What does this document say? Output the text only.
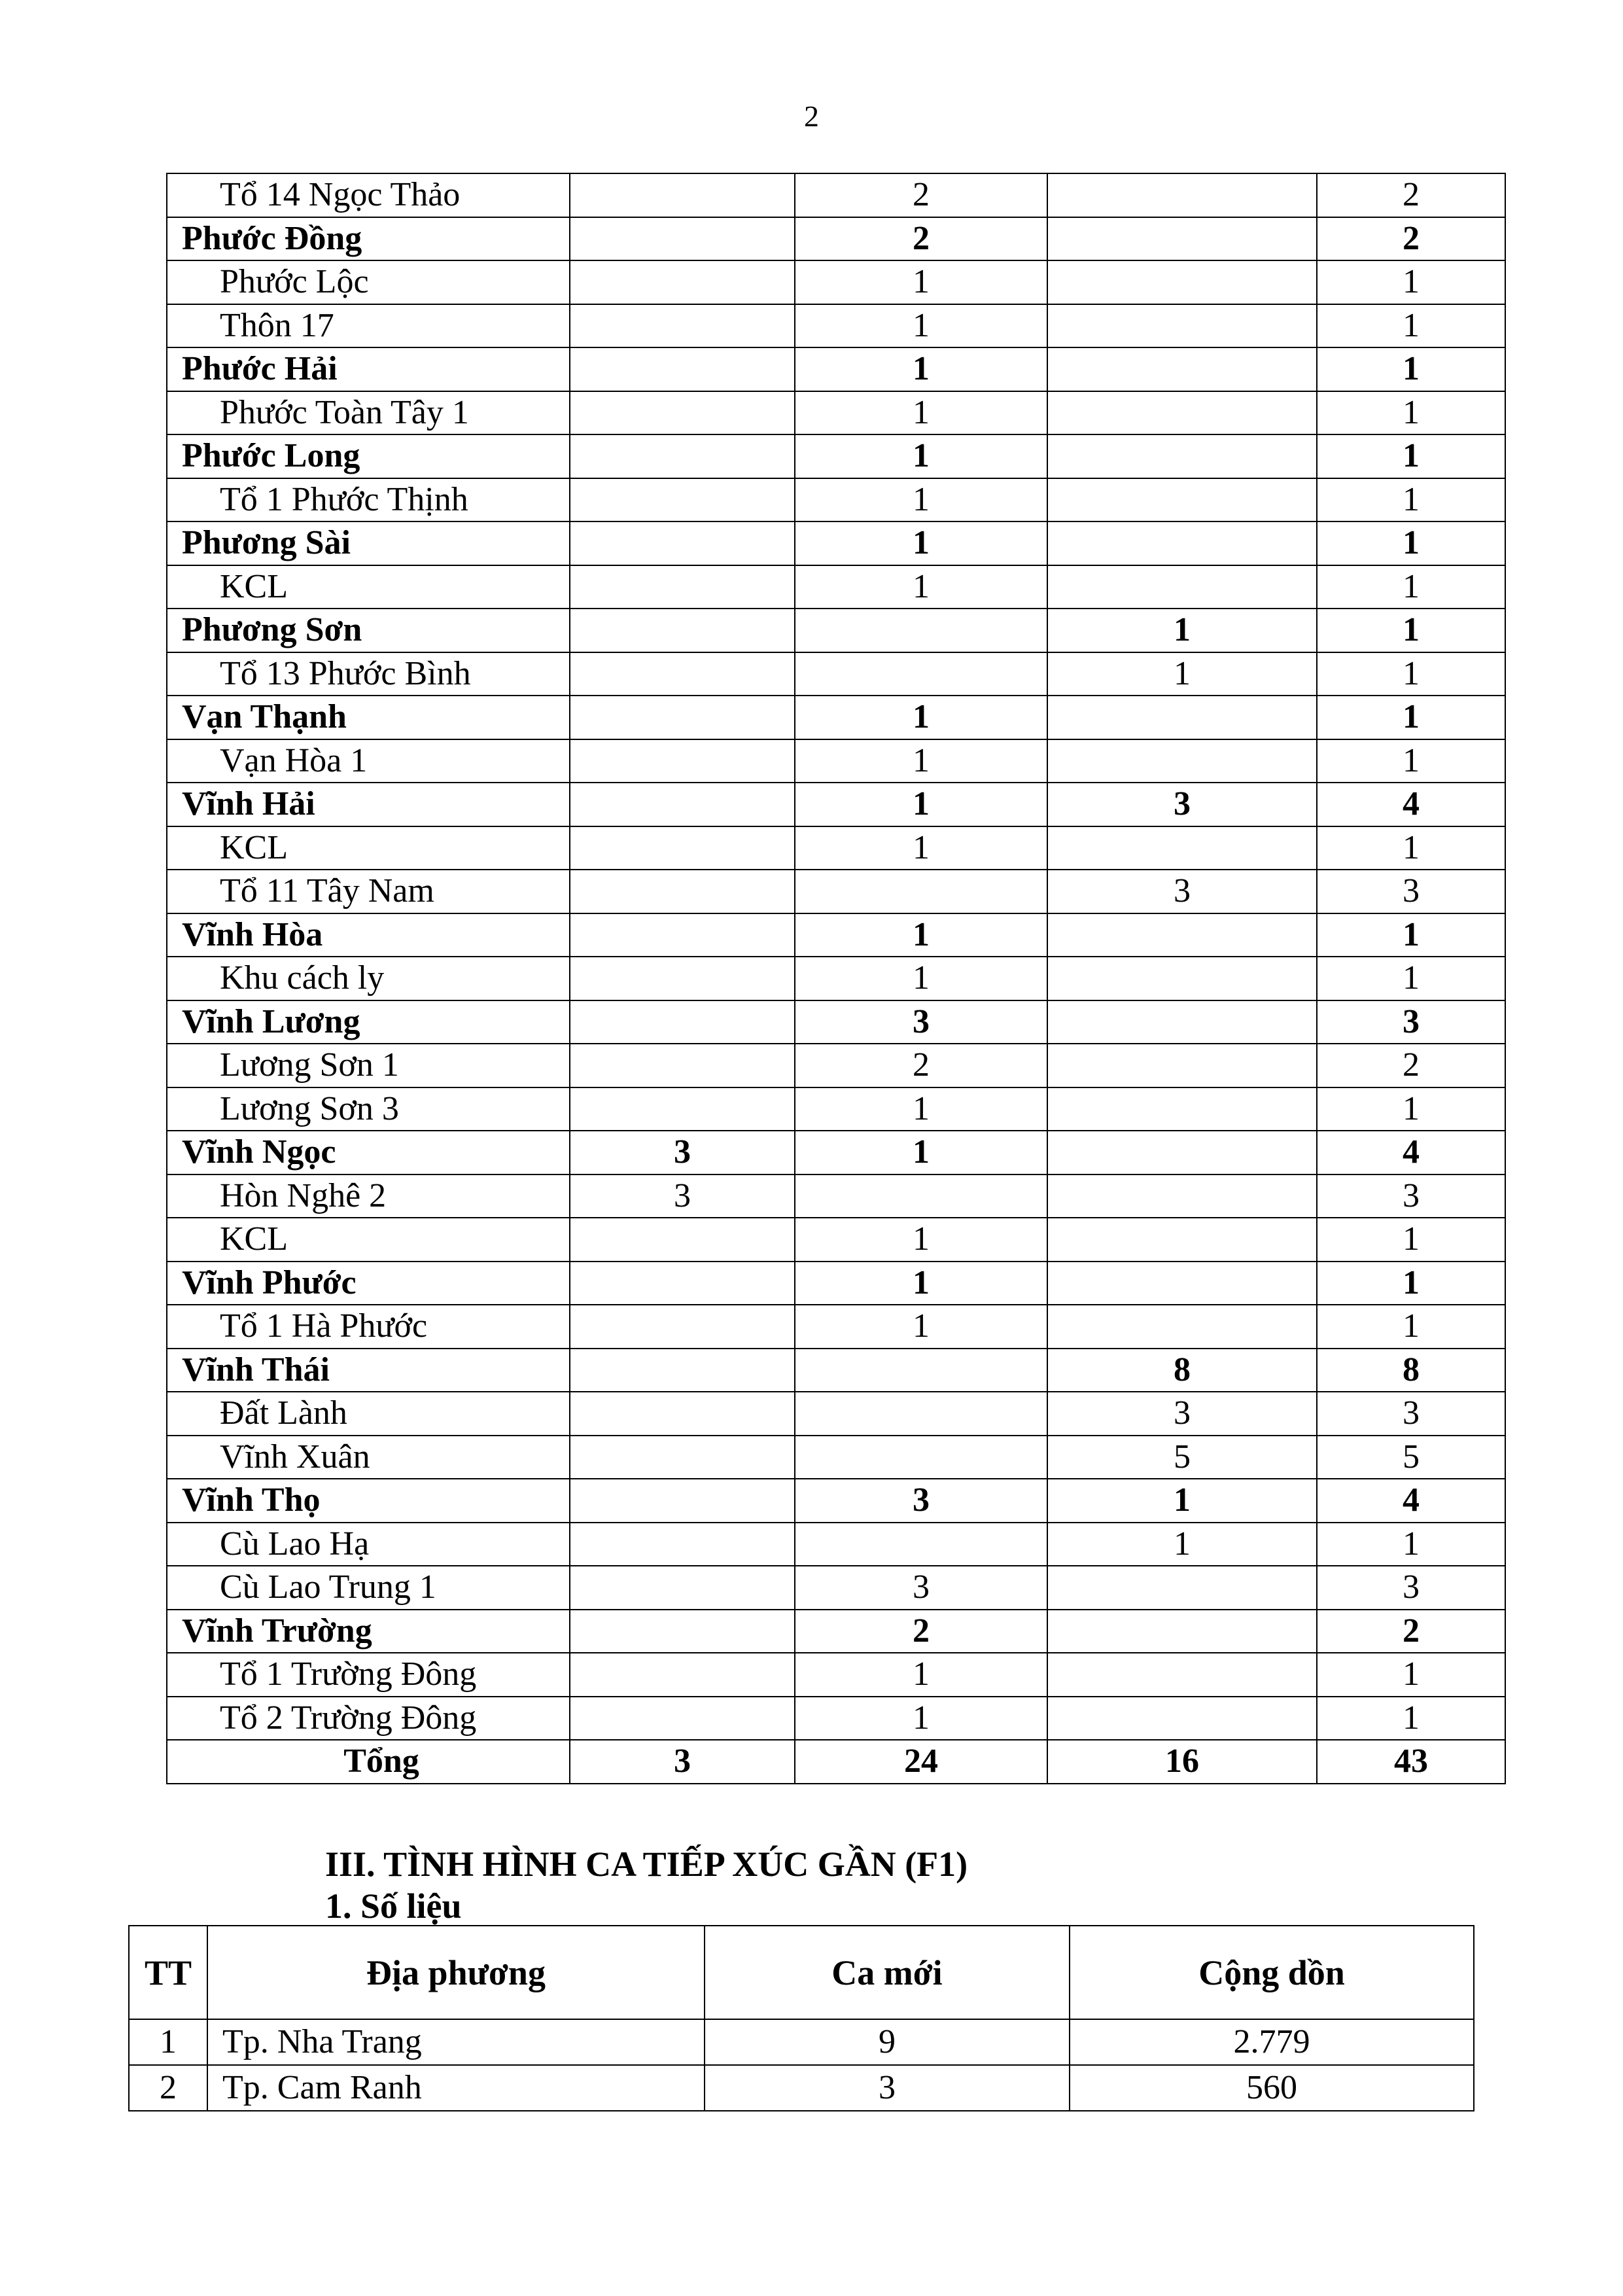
2
Tổ 14 Ngọc Thảo		2		2
Phước Đồng		2		2
Phước Lộc		1		1
Thôn 17		1		1
Phước Hải		1		1
Phước Toàn Tây 1		1		1
Phước Long		1		1
Tổ 1 Phước Thịnh		1		1
Phương Sài		1		1
KCL		1		1
Phương Sơn			1	1
Tổ 13 Phước Bình			1	1
Vạn Thạnh		1		1
Vạn Hòa 1		1		1
Vĩnh Hải		1	3	4
KCL		1		1
Tổ 11 Tây Nam			3	3
Vĩnh Hòa		1		1
Khu cách ly		1		1
Vĩnh Lương		3		3
Lương Sơn 1		2		2
Lương Sơn 3		1		1
Vĩnh Ngọc	3	1		4
Hòn Nghê 2	3			3
KCL		1		1
Vĩnh Phước		1		1
Tổ 1 Hà Phước		1		1
Vĩnh Thái			8	8
Đất Lành			3	3
Vĩnh Xuân			5	5
Vĩnh Thọ		3	1	4
Cù Lao Hạ			1	1
Cù Lao Trung 1		3		3
Vĩnh Trường		2		2
Tổ 1 Trường Đông		1		1
Tổ 2 Trường Đông		1		1
Tổng	3	24	16	43
III. TÌNH HÌNH CA TIẾP XÚC GẦN (F1)
1. Số liệu
TT	Địa phương	Ca mới	Cộng dồn
1	Tp. Nha Trang	9	2.779
2	Tp. Cam Ranh	3	560
